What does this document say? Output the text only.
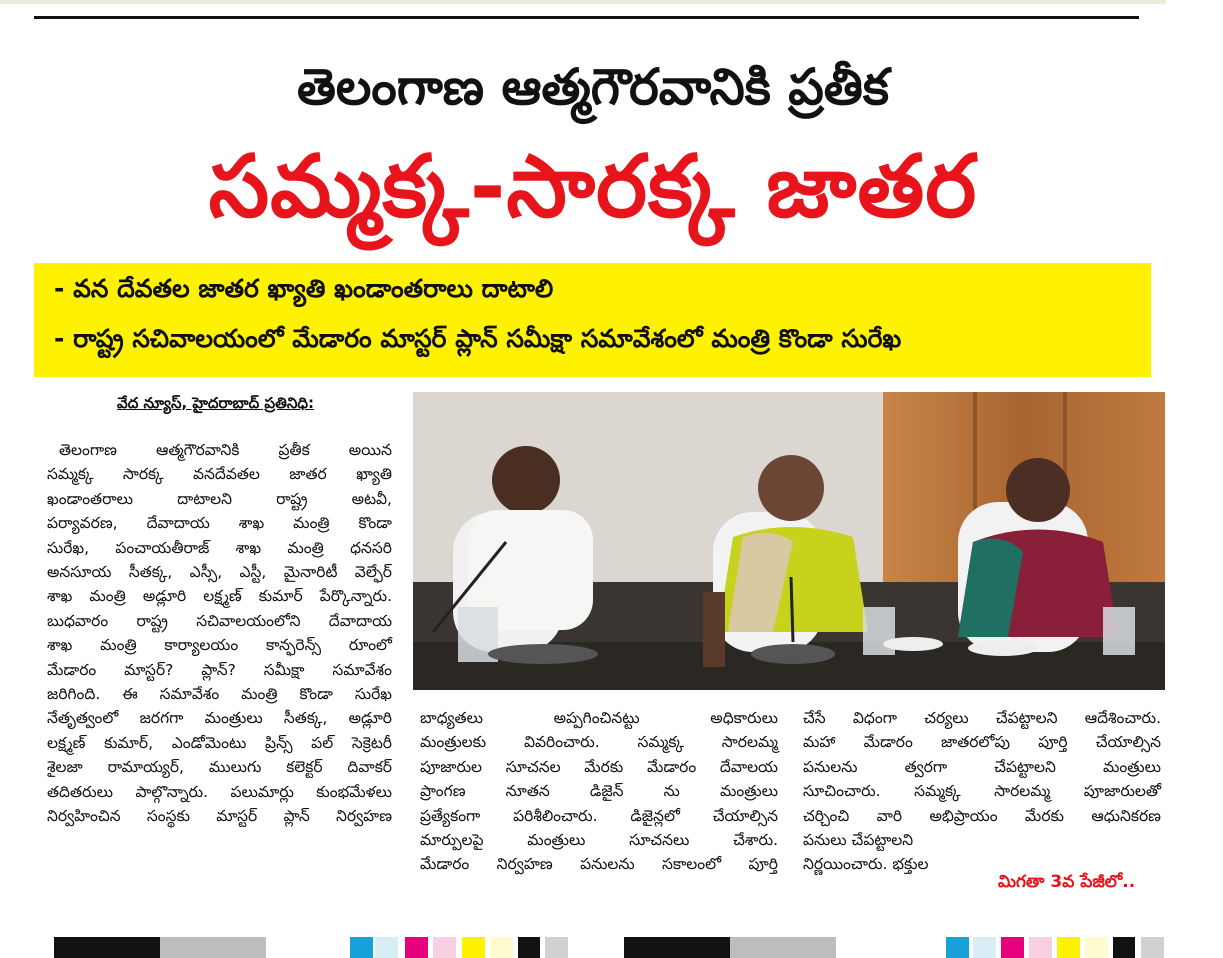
తెలంగాణ ఆత్మగౌరవానికి ప్రతీక
సమ్మక్క-సారక్క జాతర
- వన దేవతల జాతర ఖ్యాతి ఖండాంతరాలు దాటాలి
- రాష్ట్ర సచివాలయంలో మేడారం మాస్టర్ ప్లాన్ సమీక్షా సమావేశంలో మంత్రి కొండా సురేఖ
వేద న్యూస్, హైదరాబాద్ ప్రతినిధి:

తెలంగాణ ఆత్మగౌరవానికి ప్రతీక అయిన

సమ్మక్క సారక్క వనదేవతల జాతర ఖ్యాతి

ఖండాంతరాలు దాటాలని రాష్ట్ర అటవీ,

పర్యావరణ, దేవాదాయ శాఖ మంత్రి కొండా

సురేఖ, పంచాయతీరాజ్ శాఖ మంత్రి ధనసరి

అనసూయ సీతక్క, ఎస్సీ, ఎస్టీ, మైనారిటీ వెల్ఫేర్

శాఖ మంత్రి అడ్లూరి లక్ష్మణ్ కుమార్ పేర్కొన్నారు.

బుధవారం రాష్ట్ర సచివాలయంలోని దేవాదాయ

శాఖ మంత్రి కార్యాలయం కాన్ఫరెన్స్ రూంలో

మేడారం మాస్టర్? ప్లాన్? సమీక్షా సమావేశం

జరిగింది. ఈ సమావేశం మంత్రి కొండా సురేఖ

నేతృత్వంలో జరగగా మంత్రులు సీతక్క, అడ్లూరి

లక్ష్మణ్ కుమార్, ఎండోమెంటు ప్రిన్స్ పల్ సెక్రెటరీ

శైలజా రామాయ్యర్, ములుగు కలెక్టర్ దివాకర్

తదితరులు పాల్గొన్నారు. పలుమార్లు కుంభమేళలు

నిర్వహించిన సంస్థకు మాస్టర్ ప్లాన్ నిర్వహణ

బాధ్యతలు అప్పగించినట్టు అధికారులు

మంత్రులకు వివరించారు. సమ్మక్క సారలమ్మ

పూజారుల సూచనల మేరకు మేడారం దేవాలయ

ప్రాంగణ నూతన డిజైన్ ను మంత్రులు

ప్రత్యేకంగా పరిశీలించారు. డిజైన్లలో చేయాల్సిన

మార్పులపై మంత్రులు సూచనలు చేశారు.

మేడారం నిర్వహణ పనులను సకాలంలో పూర్తి

చేసే విధంగా చర్యలు చేపట్టాలని ఆదేశించారు.

మహా మేడారం జాతరలోపు పూర్తి చేయాల్సిన

పనులను త్వరగా చేపట్టాలని మంత్రులు

సూచించారు. సమ్మక్క సారలమ్మ పూజారులతో

చర్చించి వారి అభిప్రాయం మేరకు ఆధునికరణ

పనులు చేపట్టాలని

నిర్ణయించారు. భక్తుల

మిగతా 3వ పేజీలో..
